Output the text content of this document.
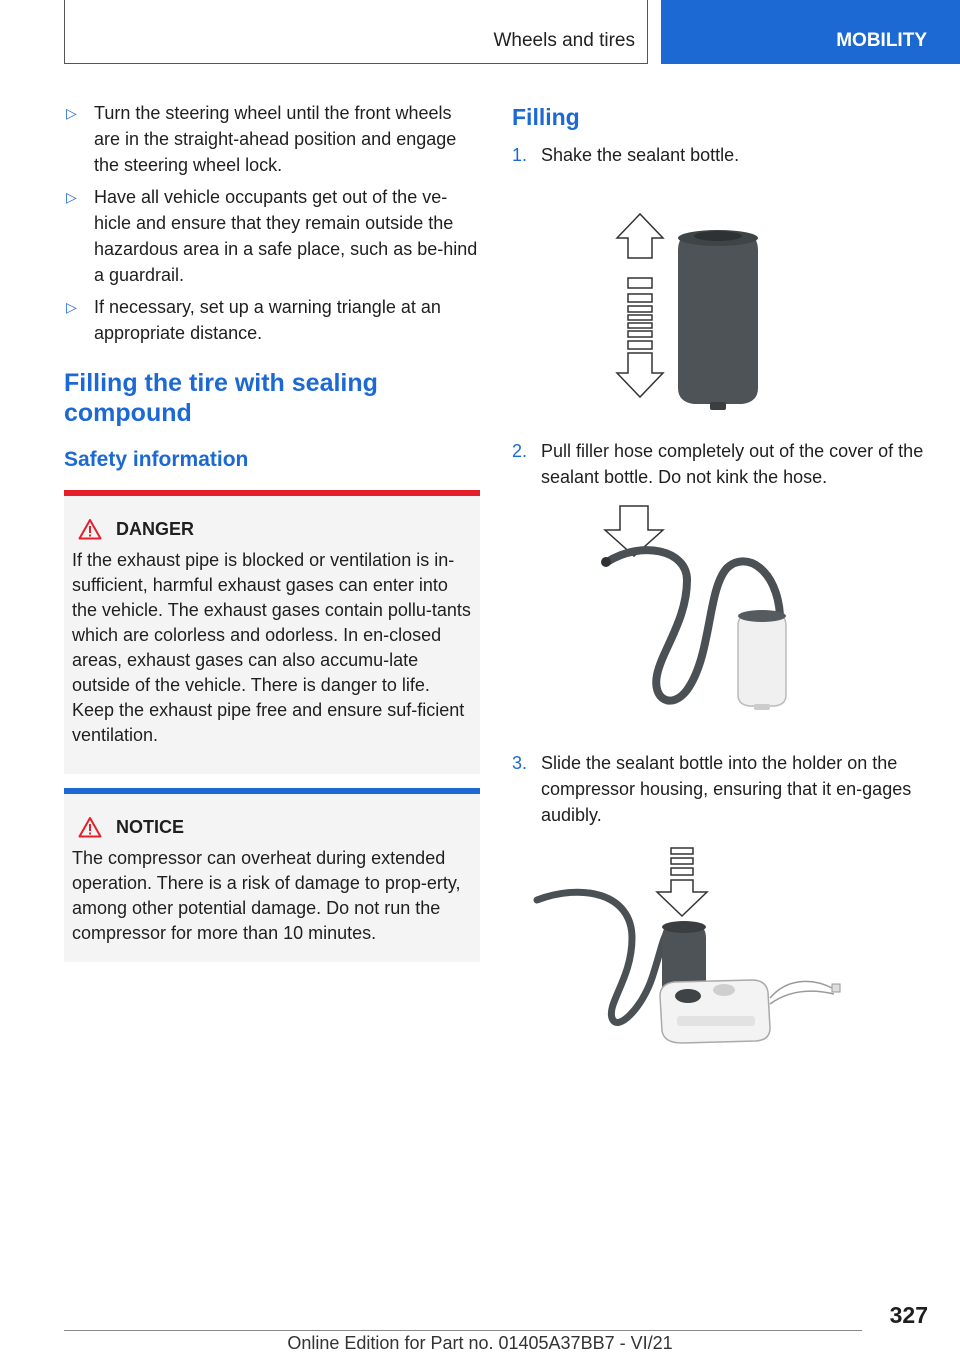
Wheels and tires	MOBILITY
▷ Turn the steering wheel until the front wheels are in the straight-ahead position and engage the steering wheel lock.
▷ Have all vehicle occupants get out of the ve‐hicle and ensure that they remain outside the hazardous area in a safe place, such as be‐hind a guardrail.
▷ If necessary, set up a warning triangle at an appropriate distance.
Filling the tire with sealing compound
Safety information
DANGER
If the exhaust pipe is blocked or ventilation is in‐sufficient, harmful exhaust gases can enter into the vehicle. The exhaust gases contain pollu‐tants which are colorless and odorless. In en‐closed areas, exhaust gases can also accumu‐late outside of the vehicle. There is danger to life. Keep the exhaust pipe free and ensure suf‐ficient ventilation.
NOTICE
The compressor can overheat during extended operation. There is a risk of damage to prop‐erty, among other potential damage. Do not run the compressor for more than 10 minutes.
Filling
1. Shake the sealant bottle.
2. Pull filler hose completely out of the cover of the sealant bottle. Do not kink the hose.
3. Slide the sealant bottle into the holder on the compressor housing, ensuring that it en‐gages audibly.
327
Online Edition for Part no. 01405A37BB7 - VI/21
